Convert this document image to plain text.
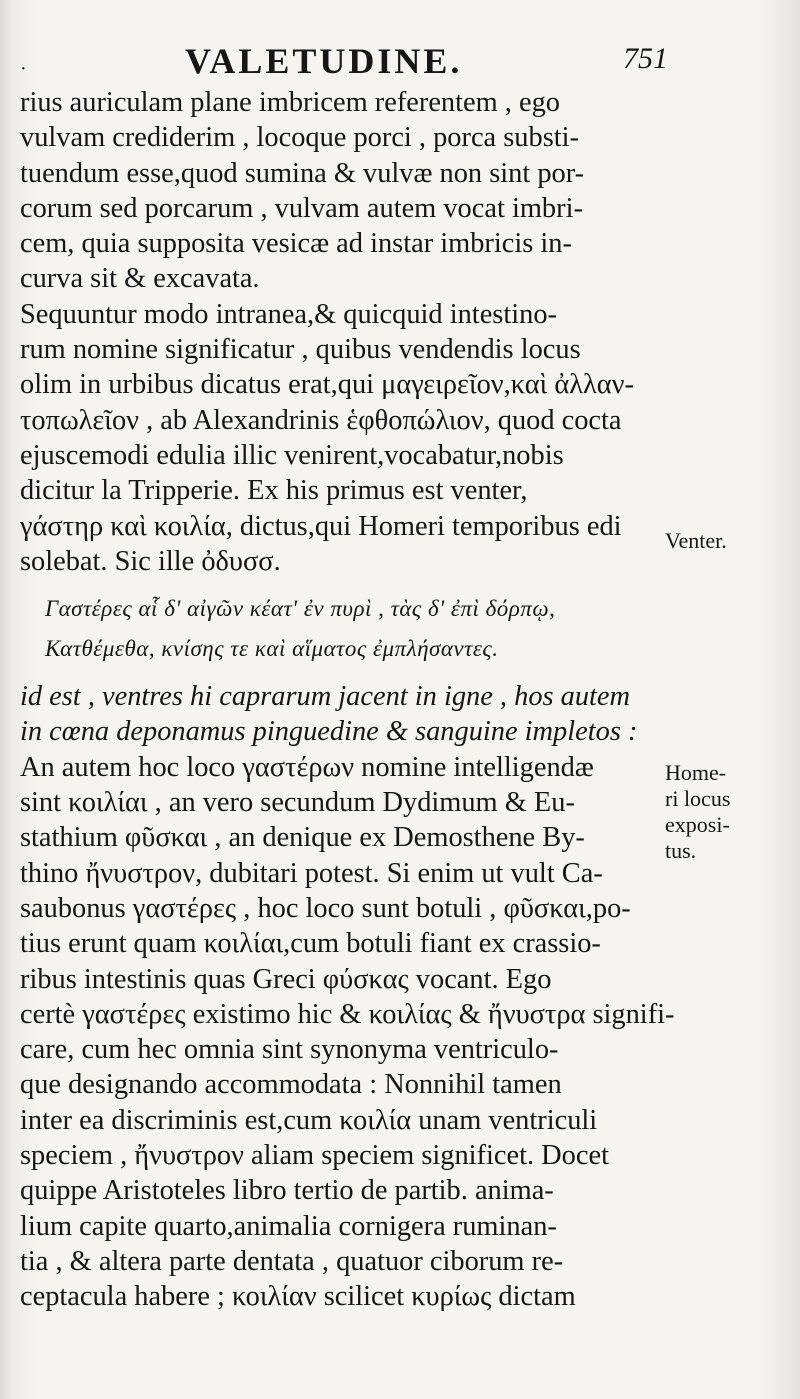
·	VALETUDINE.	751
rius auriculam plane imbricem referentem , ego
vulvam crediderim , locoque porci , porca substi-
tuendum esse,quod sumina & vulvæ non sint por-
corum sed porcarum , vulvam autem vocat imbri-
cem, quia supposita vesicæ ad instar imbricis in-
curva sit & excavata.
Sequuntur modo intranea,& quicquid intestino-
rum nomine significatur , quibus vendendis locus
olim in urbibus dicatus erat,qui μαγειρεῖον,καὶ ἀλλαν-
τοπωλεῖον , ab Alexandrinis ἑφθοπώλιον, quod cocta
ejuscemodi edulia illic venirent,vocabatur,nobis
dicitur la Tripperie. Ex his primus est venter,
γάστηρ καὶ κοιλία, dictus,qui Homeri temporibus edi
solebat. Sic ille ὀδυσσ.
Γαστέρες αἷ δ' αἰγῶν κέατ' ἐν πυρὶ , τὰς δ' ἐπὶ δόρπῳ,
Κατθέμεθα, κνίσης τε καὶ αἵματος ἐμπλήσαντες.
id est , ventres hi caprarum jacent in igne , hos autem
in cœna deponamus pinguedine & sanguine impletos :
An autem hoc loco γαστέρων nomine intelligendæ
sint κοιλίαι , an vero secundum Dydimum & Eu-
stathium φῦσκαι , an denique ex Demosthene By-
thino ἤνυστρον, dubitari potest. Si enim ut vult Ca-
saubonus γαστέρες , hoc loco sunt botuli , φῦσκαι,po-
tius erunt quam κοιλίαι,cum botuli fiant ex crassio-
ribus intestinis quas Greci φύσκας vocant. Ego
certè γαστέρες existimo hic & κοιλίας & ἤνυστρα signifi-
care, cum hec omnia sint synonyma ventriculo-
que designando accommodata : Nonnihil tamen
inter ea discriminis est,cum κοιλία unam ventriculi
speciem , ἤνυστρον aliam speciem significet. Docet
quippe Aristoteles libro tertio de partib. anima-
lium capite quarto,animalia cornigera ruminan-
tia , & altera parte dentata , quatuor ciborum re-
ceptacula habere ; κοιλίαν scilicet κυρίως dictam
Venter.
Home-
ri locus
exposi-
tus.
